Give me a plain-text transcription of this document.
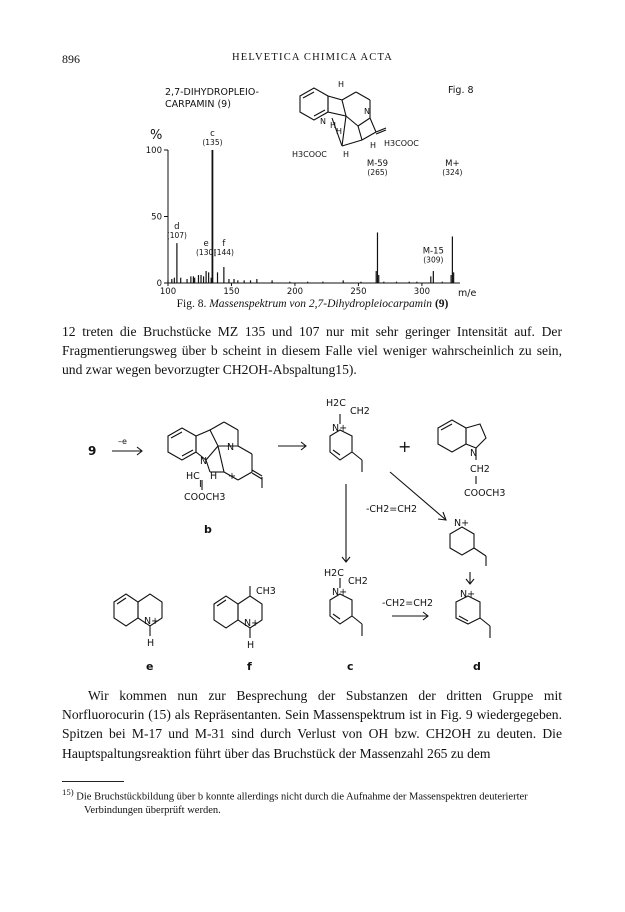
896	HELVETICA CHIMICA ACTA
2,7-DIHYDROPLEIO-
CARPAMIN (9)
Fig. 8
%
H
N
N H
H
H H3COOC
H3COOC H
100
50
0
100	150	200	250	300
d
(107)
e
(130)
c
(135)
f
(144)
M-59
(265)
M-15
(309)
M+
(324)
m/e
Fig. 8. Massenspektrum von 2,7-Dihydropleiocarpamin (9)

12 treten die Bruchstücke MZ 135 und 107 nur mit sehr geringer Intensität auf. Der Fragmentierungsweg über b scheint in diesem Falle viel weniger wahrscheinlich zu sein, und zwar wegen bevorzugter CH2OH-Abspaltung15).

9
–e
N
N
HC H +
I
COOCH3
b
H2C
CH2
N+
+	N
CH2
COOCH3
-CH2=CH2
N+
CH3
N+
H
N+
H
H2C
CH2
N+
-CH2=CH2
N+
e	f	c	d

Wir kommen nun zur Besprechung der Substanzen der dritten Gruppe mit Norfluorocurin (15) als Repräsentanten. Sein Massenspektrum ist in Fig. 9 wiedergegeben. Spitzen bei M-17 und M-31 sind durch Verlust von OH bzw. CH2OH zu deuten. Die Hauptspaltungsreaktion führt über das Bruchstück der Massenzahl 265 zu dem

$^{15)}$ Die Bruchstückbildung über b konnte allerdings nicht durch die Aufnahme der Massenspektren deuterierter Verbindungen überprüft werden.
